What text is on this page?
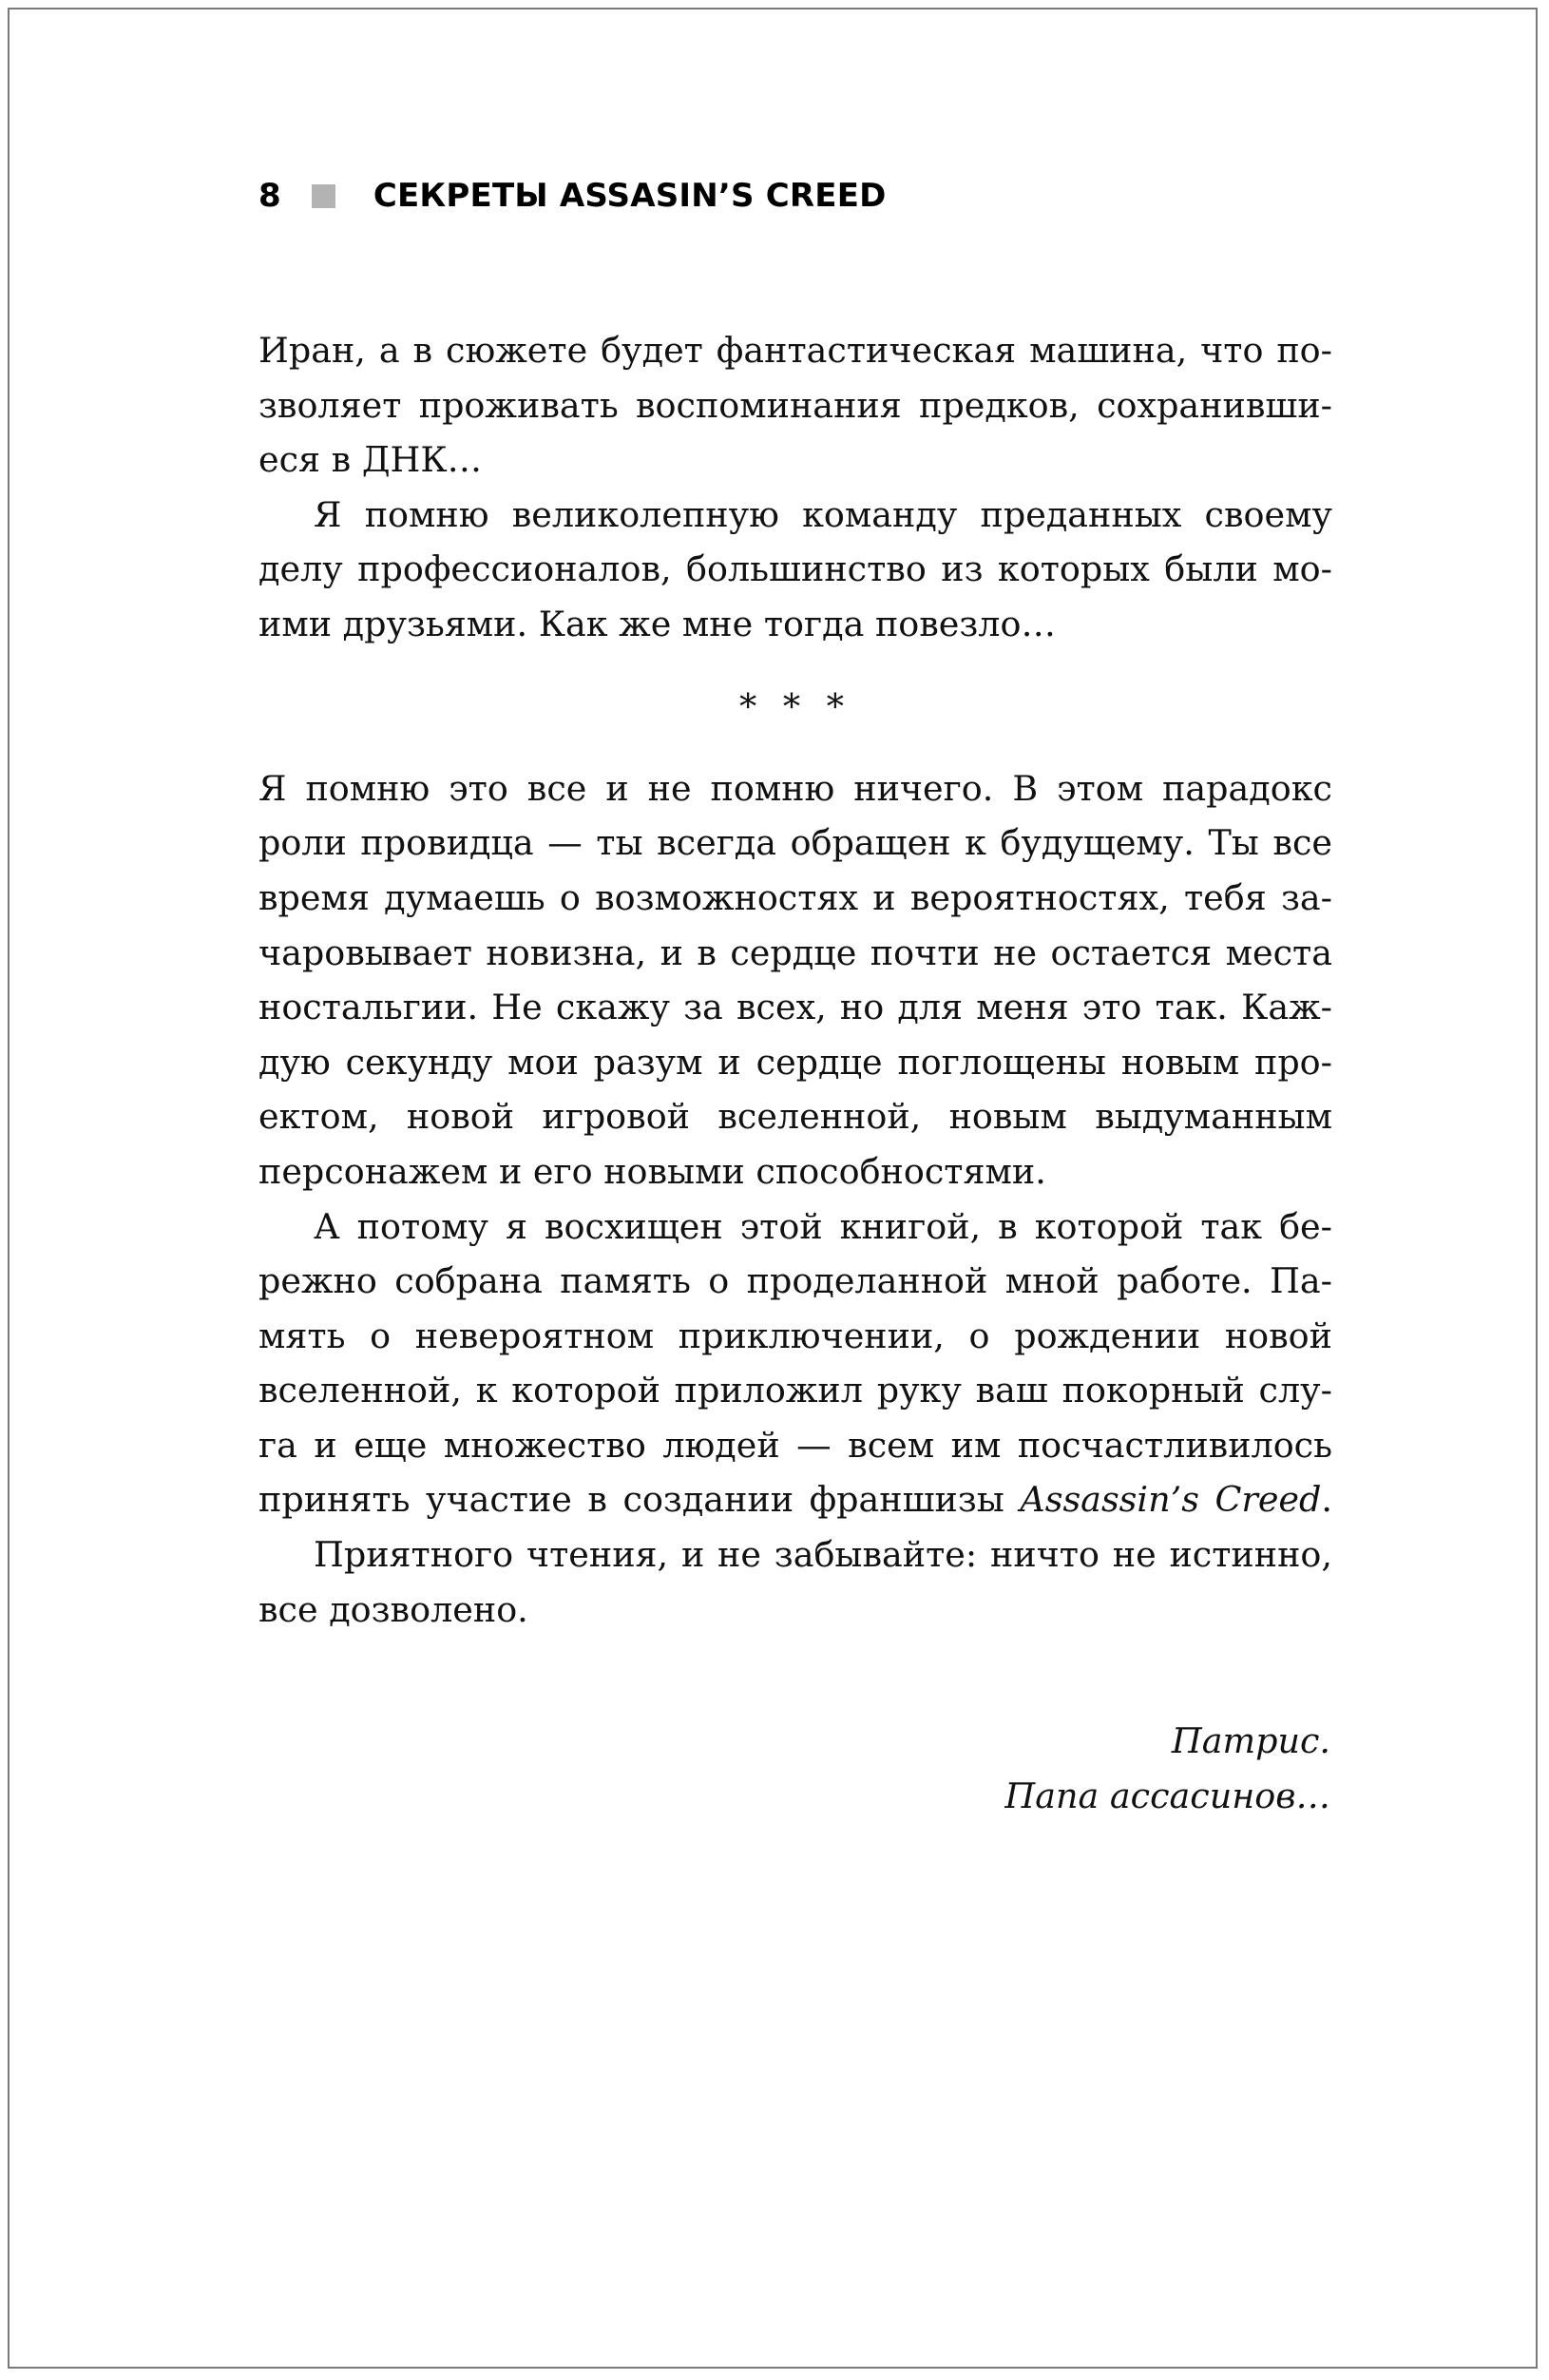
8	СЕКРЕТЫ ASSASIN’S CREED
Иран, а в сюжете будет фантастическая машина, что по-
зволяет проживать воспоминания предков, сохранивши-
еся в ДНК…
Я помню великолепную команду преданных своему
делу профессионалов, большинство из которых были мо-
ими друзьями. Как же мне тогда повезло…
* * *
Я помню это все и не помню ничего. В этом парадокс
роли провидца — ты всегда обращен к будущему. Ты все
время думаешь о возможностях и вероятностях, тебя за-
чаровывает новизна, и в сердце почти не остается места
ностальгии. Не скажу за всех, но для меня это так. Каж-
дую секунду мои разум и сердце поглощены новым про-
ектом, новой игровой вселенной, новым выдуманным
персонажем и его новыми способностями.
А потому я восхищен этой книгой, в которой так бе-
режно собрана память о проделанной мной работе. Па-
мять о невероятном приключении, о рождении новой
вселенной, к которой приложил руку ваш покорный слу-
га и еще множество людей — всем им посчастливилось
принять участие в создании франшизы Assassin’s Creed.
Приятного чтения, и не забывайте: ничто не истинно,
все дозволено.
Патрис.
Папа ассасинов…
